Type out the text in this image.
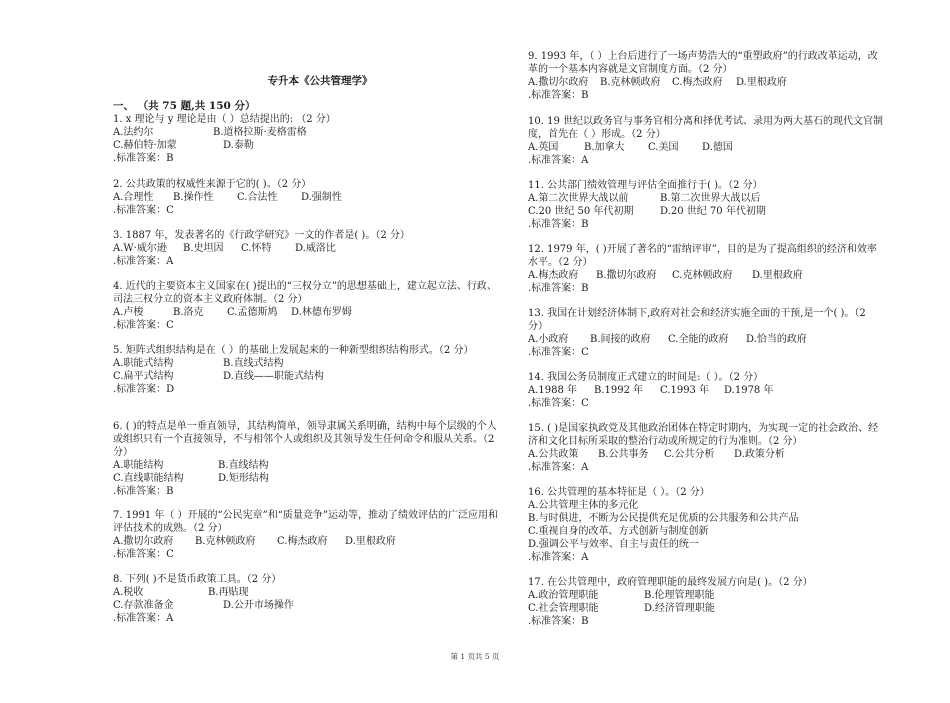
专升本《公共管理学》
一、 （共 75 题,共 150 分）
1. x 理论与 y 理论是由（ ）总结提出的: （2 分）
A.法约尔	B.道格拉斯·麦格雷格
C.赫伯特·加蒙	D.泰勒
.标准答案：B
2. 公共政策的权威性来源于它的( )。（2 分）
A.合理性	B.操作性	C.合法性	D.强制性
.标准答案：C
3. 1887 年，发表著名的《行政学研究》一文的作者是( )。（2 分）
A.W·威尔逊	B.史坦因	C.怀特	D.威洛比
.标准答案：A
4. 近代的主要资本主义国家在( )提出的“三权分立”的思想基础上，建立起立法、行政、司法三权分立的资本主义政府体制。（2 分）
A.卢梭	B.洛克	C.孟德斯鸠	D.林德布罗姆
.标准答案：C
5. 矩阵式组织结构是在（ ）的基础上发展起来的一种新型组织结构形式。（2 分）
A.职能式结构	B.直线式结构
C.扁平式结构	D.直线——职能式结构
.标准答案：D
6. ( )的特点是单一垂直领导，其结构简单，领导隶属关系明确，结构中每个层级的个人或组织只有一个直接领导，不与相邻个人或组织及其领导发生任何命令和服从关系。（2 分）
A.职能结构	B.直线结构
C.直线职能结构	D.矩形结构
.标准答案：B
7. 1991 年（ ）开展的“公民宪章”和“质量竞争”运动等，推动了绩效评估的广泛应用和评估技术的成熟。（2 分）
A.撒切尔政府	B.克林顿政府	C.梅杰政府	D.里根政府
.标准答案：C
8. 下列( )不是货币政策工具。（2 分）
A.税收	B.再贴现
C.存款准备金	D.公开市场操作
.标准答案：A
9. 1993 年，（ ）上台后进行了一场声势浩大的“重塑政府”的行政改革运动，改革的一个基本内容就是文官制度方面。（2 分）
A.撒切尔政府	B.克林顿政府	C.梅杰政府	D.里根政府
.标准答案：B
10. 19 世纪以政务官与事务官相分离和择优考试、录用为两大基石的现代文官制度，首先在（ ）形成。（2 分）
A.英国	B.加拿大	C.美国	D.德国
.标准答案：A
11. 公共部门绩效管理与评估全面推行于( )。（2 分）
A.第二次世界大战以前	B.第二次世界大战以后
C.20 世纪 50 年代初期	D.20 世纪 70 年代初期
.标准答案：B
12. 1979 年，( )开展了著名的“雷纳评审”，目的是为了提高组织的经济和效率水平。（2 分）
A.梅杰政府	B.撒切尔政府	C.克林顿政府	D.里根政府
.标准答案：B
13. 我国在计划经济体制下,政府对社会和经济实施全面的干预,是一个( )。（2 分）
A.小政府	B.间接的政府	C.全能的政府	D.恰当的政府
.标准答案：C
14. 我国公务员制度正式建立的时间是:（ ）。（2 分）
A.1988 年	B.1992 年	C.1993 年	D.1978 年
.标准答案：C
15. ( )是国家执政党及其他政治团体在特定时期内，为实现一定的社会政治、经济和文化目标所采取的整治行动或所规定的行为准则。（2 分）
A.公共政策	B.公共事务	C.公共分析	D.政策分析
.标准答案：A
16. 公共管理的基本特征是（ ）。（2 分）
A.公共管理主体的多元化
B.与时俱进，不断为公民提供充足优质的公共服务和公共产品
C.重视自身的改革、方式创新与制度创新
D.强调公平与效率、自主与责任的统一
.标准答案：A
17. 在公共管理中，政府管理职能的最终发展方向是( )。（2 分）
A.政治管理职能	B.伦理管理职能
C.社会管理职能	D.经济管理职能
.标准答案：B
第 1 页共 5 页
